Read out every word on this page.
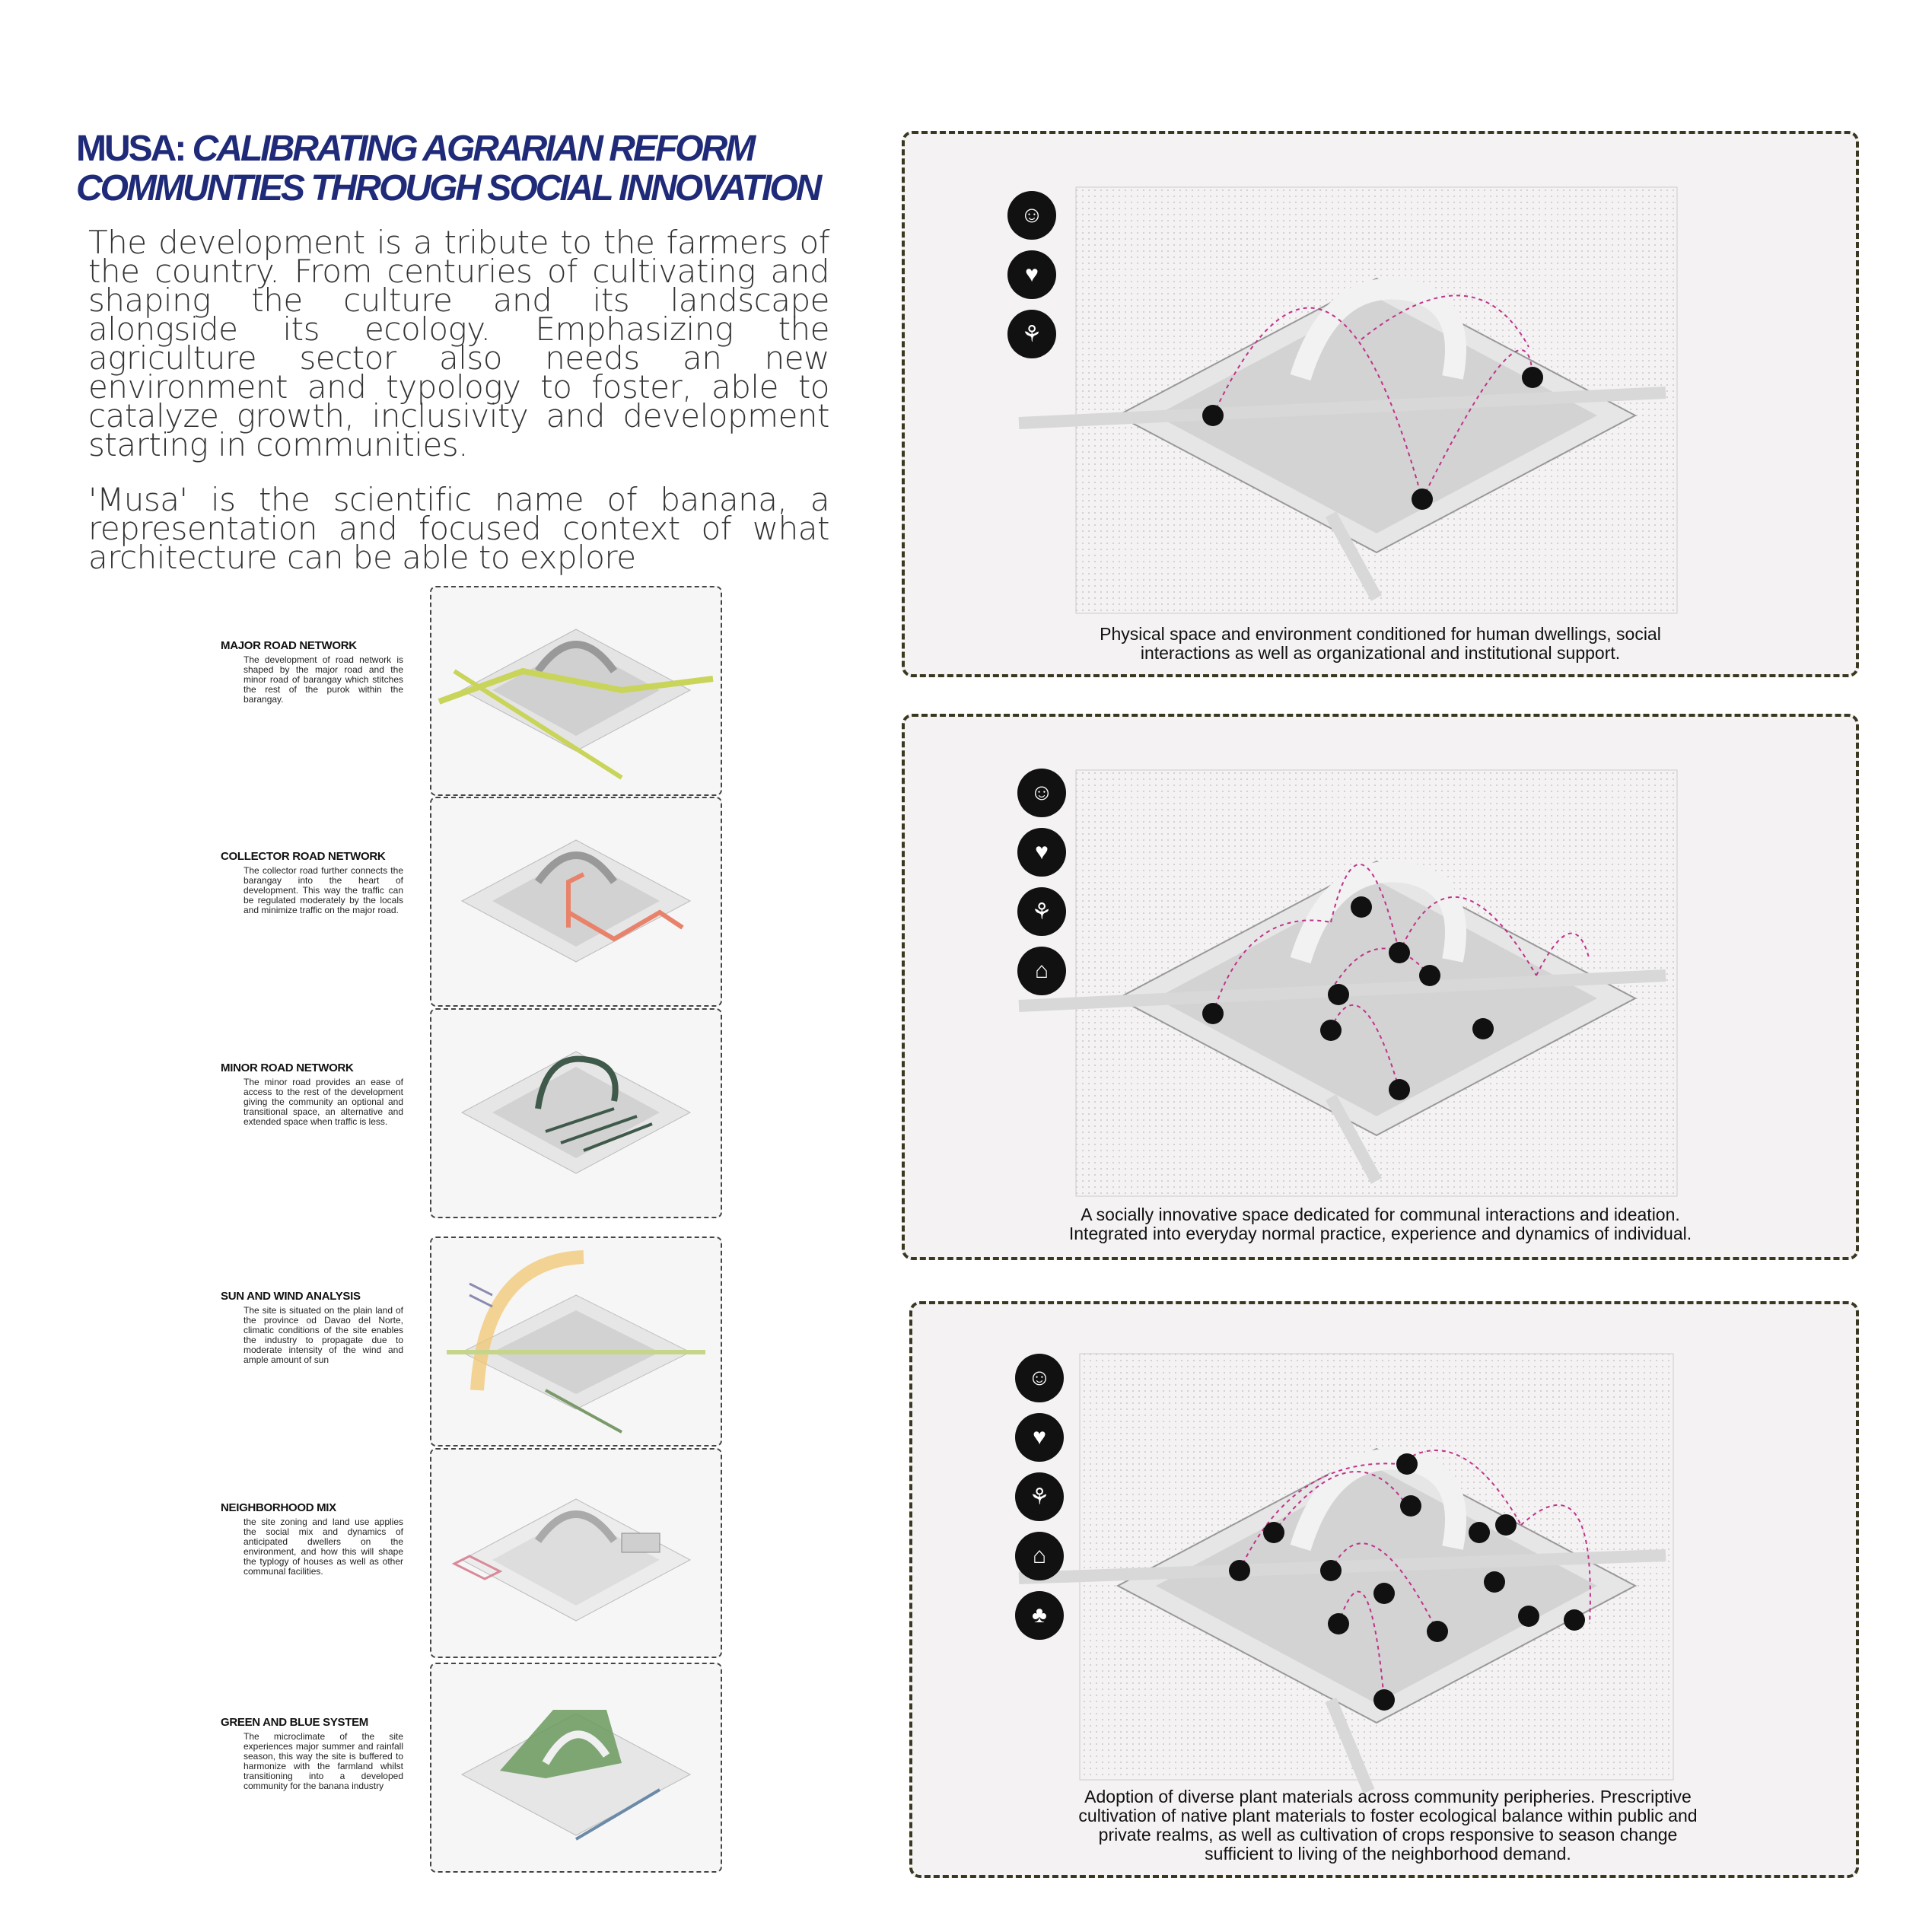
MUSA: CALIBRATING AGRARIAN REFORM
COMMUNTIES THROUGH SOCIAL INNOVATION

The development is a tribute to the farmers of the country. From centuries of cultivating and shaping the culture and its landscape alongside its ecology. Emphasizing the agriculture sector also needs an new environment and typology to foster, able to catalyze growth, inclusivity and development starting in communities.

'Musa' is the scientific name of banana, a representation and focused context of what architecture can be able to explore

MAJOR ROAD NETWORK
The development of road network is shaped by the major road and the minor road of barangay which stitches the rest of the purok within the barangay.
COLLECTOR ROAD NETWORK
The collector road further connects the barangay into the heart of development. This way the traffic can be regulated moderately by the locals and minimize traffic on the major road.
MINOR ROAD NETWORK
The minor road provides an ease of access to the rest of the development giving the community an optional and transitional space, an alternative and extended space when traffic is less.
SUN AND WIND ANALYSIS
The site is situated on the plain land of the province od Davao del Norte, climatic conditions of the site enables the industry to propagate due to moderate intensity of the wind and ample amount of sun
NEIGHBORHOOD MIX
the site zoning and land use applies the social mix and dynamics of anticipated dwellers on the environment, and how this will shape the typlogy of houses as well as other communal facilities.
GREEN AND BLUE SYSTEM
The microclimate of the site experiences major summer and rainfall season, this way the site is buffered to harmonize with the farmland whilst transitioning into a developed community for the banana industry
☺
♥
⚘
Physical space and environment conditioned for human dwellings, social
interactions as well as organizational and institutional support.
☺
♥
⚘
⌂
A socially innovative space dedicated for communal interactions and ideation.
Integrated into everyday normal practice, experience and dynamics of individual.
☺
♥
⚘
⌂
♣
Adoption of diverse plant materials across community peripheries. Prescriptive
cultivation of native plant materials to foster ecological balance within public and
private realms, as well as cultivation of crops responsive to season change
sufficient to living of the neighborhood demand.
